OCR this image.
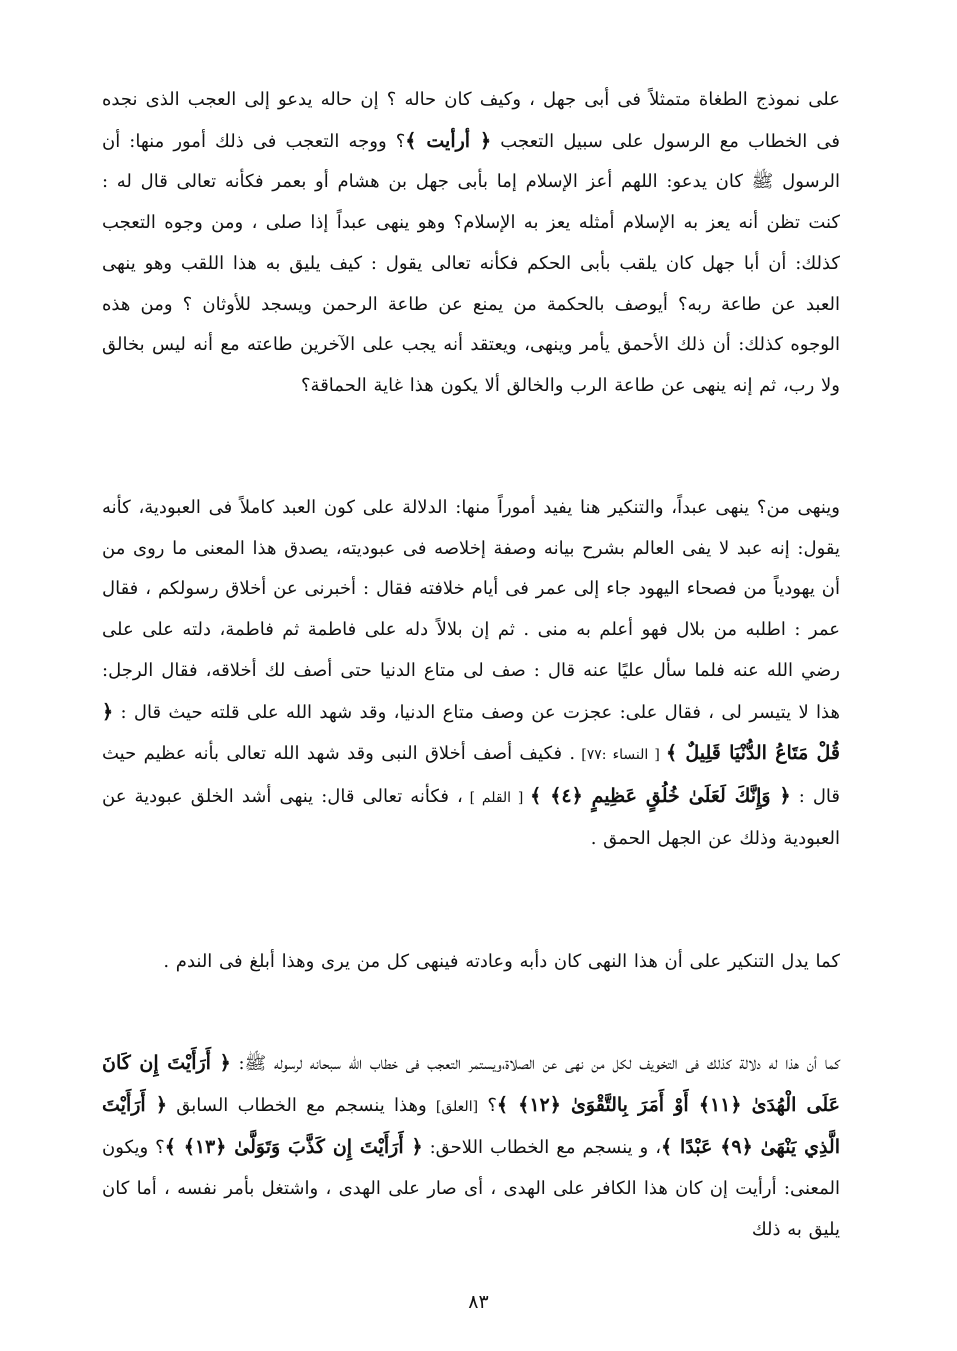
على نموذج الطغاة متمثلاً فى أبى جهل ، وكيف كان حاله ؟ إن حاله يدعو إلى العجب الذى نجده فى الخطاب مع الرسول على سبيل التعجب ﴿ أرأيت ﴾؟ ووجه التعجب فى ذلك أمور منها: أن الرسول ﷺ كان يدعو: اللهم أعز الإسلام إما بأبى جهل بن هشام أو بعمر فكأنه تعالى قال له : كنت تظن أنه يعز به الإسلام أمثله يعز به الإسلام؟ وهو ينهى عبداً إذا صلى ، ومن وجوه التعجب كذلك: أن أبا جهل كان يلقب بأبى الحكم فكأنه تعالى يقول : كيف يليق به هذا اللقب وهو ينهى العبد عن طاعة ربه؟ أيوصف بالحكمة من يمنع عن طاعة الرحمن ويسجد للأوثان ؟ ومن هذه الوجوه كذلك: أن ذلك الأحمق يأمر وينهى، ويعتقد أنه يجب على الآخرين طاعته مع أنه ليس بخالق ولا رب، ثم إنه ينهى عن طاعة الرب والخالق ألا يكون هذا غاية الحماقة؟
وينهى من؟ ينهى عبداً، والتنكير هنا يفيد أموراً منها: الدلالة على كون العبد كاملاً فى العبودية، كأنه يقول: إنه عبد لا يفى العالم بشرح بيانه وصفة إخلاصه فى عبوديته، يصدق هذا المعنى ما روى من أن يهودياً من فصحاء اليهود جاء إلى عمر فى أيام خلافته فقال : أخبرنى عن أخلاق رسولكم ، فقال عمر : اطلبه من بلال فهو أعلم به منى . ثم إن بلالاً دله على فاطمة ثم فاطمة، دلته على على رضي الله عنه فلما سأل عليًا عنه قال : صف لى متاع الدنيا حتى أصف لك أخلاقه، فقال الرجل: هذا لا يتيسر لى ، فقال على: عجزت عن وصف متاع الدنيا، وقد شهد الله على قلته حيث قال : ﴿ قُلْ مَتَاعُ الدُّنْيَا قَلِيلٌ ﴾ [ النساء :٧٧] . فكيف أصف أخلاق النبى وقد شهد الله تعالى بأنه عظيم حيث قال : ﴿ وَإِنَّكَ لَعَلَىٰ خُلُقٍ عَظِيمٍ ﴿٤﴾ ﴾ [ القلم ] ، فكأنه تعالى قال: ينهى أشد الخلق عبودية عن العبودية وذلك عن الجهل الحمق .
كما يدل التنكير على أن هذا النهى كان دأبه وعادته فينهى كل من يرى وهذا أبلغ فى الندم .
كما أن هذا له دلالة كذلك فى التخويف لكل من نهى عن الصلاة،ويستمر التعجب فى خطاب الله سبحانه لرسوله ﷺ: ﴿ أَرَأَيْتَ إِن كَانَ عَلَى الْهُدَىٰ ﴿١١﴾ أَوْ أَمَرَ بِالتَّقْوَىٰ ﴿١٢﴾ ﴾؟ [العلق] وهذا ينسجم مع الخطاب السابق ﴿ أَرَأَيْتَ الَّذِي يَنْهَىٰ ﴿٩﴾ عَبْدًا ﴾، و ينسجم مع الخطاب اللاحق: ﴿ أَرَأَيْتَ إِن كَذَّبَ وَتَوَلَّىٰ ﴿١٣﴾ ﴾؟ ويكون المعنى: أرأيت إن كان هذا الكافر على الهدى ، أى صار على الهدى ، واشتغل بأمر نفسه ، أما كان يليق به ذلك
٨٣
